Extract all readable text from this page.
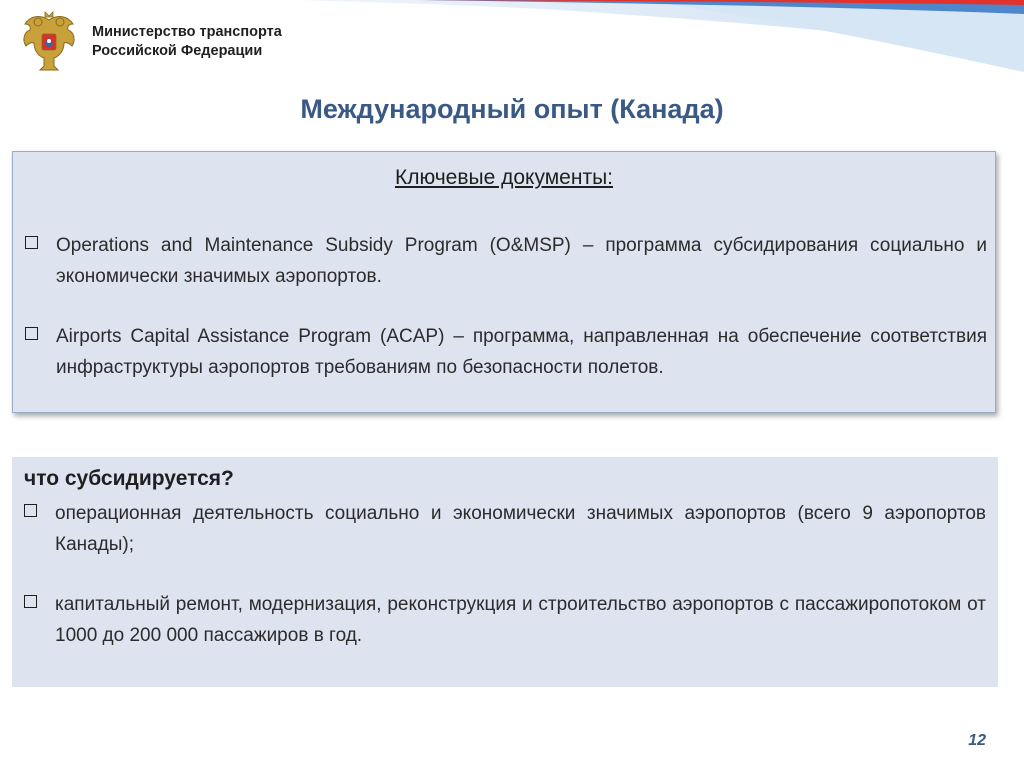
Министерство транспорта
Российской Федерации
Международный опыт (Канада)
Ключевые документы:
Operations and Maintenance Subsidy Program (O&MSP) – программа субсидирования социально и экономически значимых аэропортов.
Airports Capital Assistance Program (ACAP) – программа, направленная на обеспечение соответствия инфраструктуры аэропортов требованиям по безопасности полетов.
что субсидируется?
операционная деятельность социально и экономически значимых аэропортов (всего 9 аэропортов Канады);
капитальный ремонт, модернизация, реконструкция и строительство аэропортов с пассажиропотоком от 1000 до 200 000 пассажиров в год.
12
